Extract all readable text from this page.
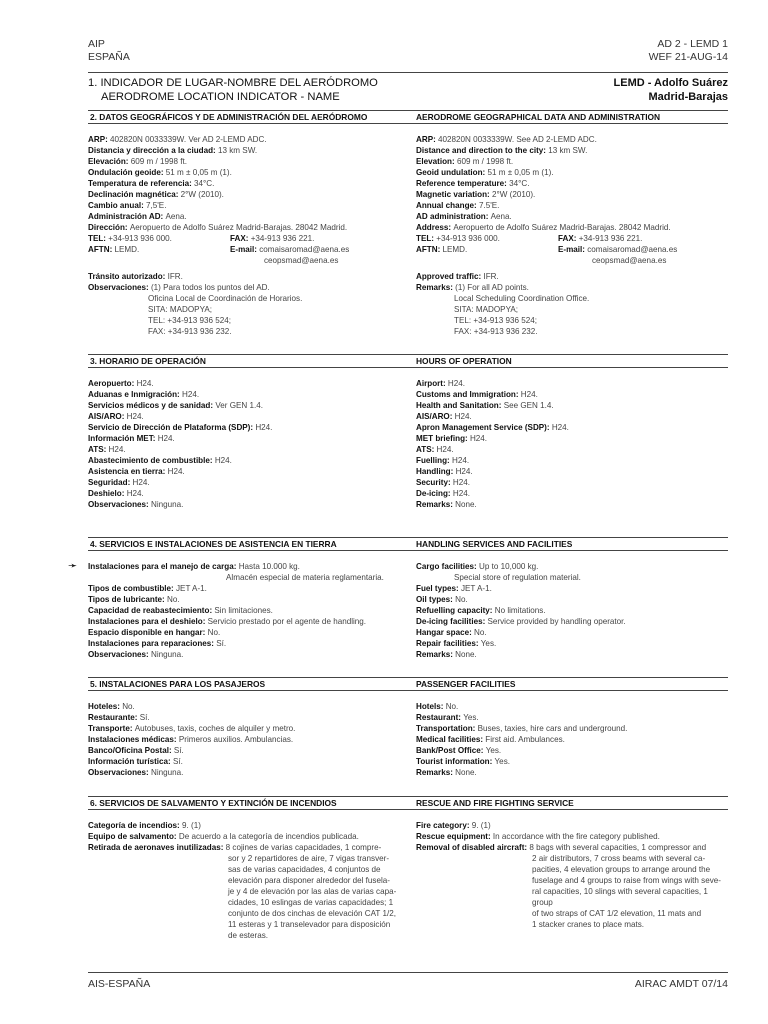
AIP
ESPAÑA
AD 2 - LEMD 1
WEF 21-AUG-14
1. INDICADOR DE LUGAR-NOMBRE DEL AERÓDROMO
AERODROME LOCATION INDICATOR - NAME
LEMD - Adolfo Suárez
Madrid-Barajas
2. DATOS GEOGRÁFICOS Y DE ADMINISTRACIÓN DEL AERÓDROMO	AERODROME GEOGRAPHICAL DATA AND ADMINISTRATION
ARP: 402820N 0033339W. Ver AD 2-LEMD ADC.
Distancia y dirección a la ciudad: 13 km SW.
Elevación: 609 m / 1998 ft.
Ondulación geoide: 51 m ± 0,05 m (1).
Temperatura de referencia: 34°C.
Declinación magnética: 2°W (2010).
Cambio anual: 7,5'E.
Administración AD: Aena.
Dirección: Aeropuerto de Adolfo Suárez Madrid-Barajas. 28042 Madrid.
TEL: +34-913 936 000.	FAX: +34-913 936 221.
AFTN: LEMD.	E-mail: comaisaromad@aena.es
ceopsmad@aena.es

Tránsito autorizado: IFR.
Observaciones: (1) Para todos los puntos del AD.
Oficina Local de Coordinación de Horarios.
SITA: MADOPYA;
TEL: +34-913 936 524;
FAX: +34-913 936 232.
ARP: 402820N 0033339W. See AD 2-LEMD ADC.
Distance and direction to the city: 13 km SW.
Elevation: 609 m / 1998 ft.
Geoid undulation: 51 m ± 0,05 m (1).
Reference temperature: 34°C.
Magnetic variation: 2°W (2010).
Annual change: 7.5'E.
AD administration: Aena.
Address: Aeropuerto de Adolfo Suárez Madrid-Barajas. 28042 Madrid.
TEL: +34-913 936 000.	FAX: +34-913 936 221.
AFTN: LEMD.	E-mail: comaisaromad@aena.es
ceopsmad@aena.es

Approved traffic: IFR.
Remarks: (1) For all AD points.
Local Scheduling Coordination Office.
SITA: MADOPYA;
TEL: +34-913 936 524;
FAX: +34-913 936 232.
3. HORARIO DE OPERACIÓN	HOURS OF OPERATION
Aeropuerto: H24.
Aduanas e Inmigración: H24.
Servicios médicos y de sanidad: Ver GEN 1.4.
AIS/ARO: H24.
Servicio de Dirección de Plataforma (SDP): H24.
Información MET: H24.
ATS: H24.
Abastecimiento de combustible: H24.
Asistencia en tierra: H24.
Seguridad: H24.
Deshielo: H24.
Observaciones: Ninguna.
Airport: H24.
Customs and Immigration: H24.
Health and Sanitation: See GEN 1.4.
AIS/ARO: H24.
Apron Management Service (SDP): H24.
MET briefing: H24.
ATS: H24.
Fuelling: H24.
Handling: H24.
Security: H24.
De-icing: H24.
Remarks: None.
4. SERVICIOS E INSTALACIONES DE ASISTENCIA EN TIERRA	HANDLING SERVICES AND FACILITIES
➛ Instalaciones para el manejo de carga: Hasta 10.000 kg.
Almacén especial de materia reglamentaria.
Tipos de combustible: JET A-1.
Tipos de lubricante: No.
Capacidad de reabastecimiento: Sin limitaciones.
Instalaciones para el deshielo: Servicio prestado por el agente de handling.
Espacio disponible en hangar: No.
Instalaciones para reparaciones: Sí.
Observaciones: Ninguna.
Cargo facilities: Up to 10,000 kg.
Special store of regulation material.
Fuel types: JET A-1.
Oil types: No.
Refuelling capacity: No limitations.
De-icing facilities: Service provided by handling operator.
Hangar space: No.
Repair facilities: Yes.
Remarks: None.
5. INSTALACIONES PARA LOS PASAJEROS	PASSENGER FACILITIES
Hoteles: No.
Restaurante: Sí.
Transporte: Autobuses, taxis, coches de alquiler y metro.
Instalaciones médicas: Primeros auxilios. Ambulancias.
Banco/Oficina Postal: Sí.
Información turística: Sí.
Observaciones: Ninguna.
Hotels: No.
Restaurant: Yes.
Transportation: Buses, taxies, hire cars and underground.
Medical facilities: First aid. Ambulances.
Bank/Post Office: Yes.
Tourist information: Yes.
Remarks: None.
6. SERVICIOS DE SALVAMENTO Y EXTINCIÓN DE INCENDIOS	RESCUE AND FIRE FIGHTING SERVICE
Categoría de incendios: 9. (1)
Equipo de salvamento: De acuerdo a la categoría de incendios publicada.
Retirada de aeronaves inutilizadas: 8 cojines de varias capacidades, 1 compre-
sor y 2 repartidores de aire, 7 vigas transver-
sas de varias capacidades, 4 conjuntos de
elevación para disponer alrededor del fusela-
je y 4 de elevación por las alas de varias capa-
cidades, 10 eslingas de varias capacidades; 1
conjunto de dos cinchas de elevación CAT 1/2,
11 esteras y 1 transelevador para disposición
de esteras.
Fire category: 9. (1)
Rescue equipment: In accordance with the fire category published.
Removal of disabled aircraft: 8 bags with several capacities, 1 compressor and
2 air distributors, 7 cross beams with several ca-
pacities, 4 elevation groups to arrange around the
fuselage and 4 groups to raise from wings with seve-
ral capacities, 10 slings with several capacities, 1 group
of two straps of CAT 1/2 elevation, 11 mats and
1 stacker cranes to place mats.
AIS-ESPAÑA	AIRAC AMDT 07/14
